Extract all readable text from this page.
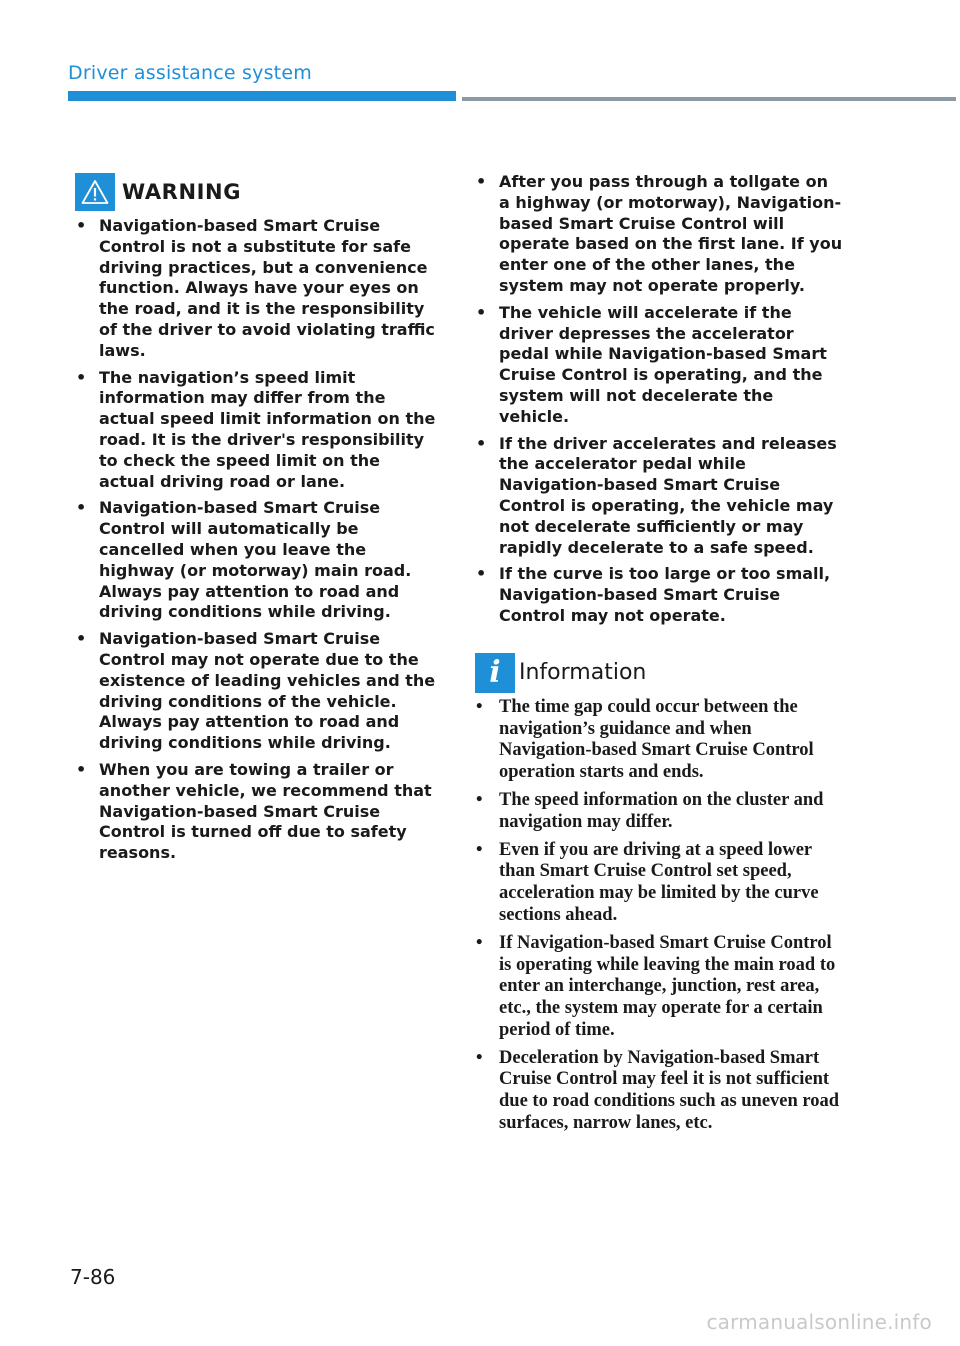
Driver assistance system
WARNING
• Navigation-based Smart Cruise Control is not a substitute for safe driving practices, but a convenience function. Always have your eyes on the road, and it is the responsibility of the driver to avoid violating traffic laws.
• The navigation’s speed limit information may differ from the actual speed limit information on the road. It is the driver's responsibility to check the speed limit on the actual driving road or lane.
• Navigation-based Smart Cruise Control will automatically be cancelled when you leave the highway (or motorway) main road. Always pay attention to road and driving conditions while driving.
• Navigation-based Smart Cruise Control may not operate due to the existence of leading vehicles and the driving conditions of the vehicle. Always pay attention to road and driving conditions while driving.
• When you are towing a trailer or another vehicle, we recommend that Navigation-based Smart Cruise Control is turned off due to safety reasons.
• After you pass through a tollgate on a highway (or motorway), Navigation-based Smart Cruise Control will operate based on the first lane. If you enter one of the other lanes, the system may not operate properly.
• The vehicle will accelerate if the driver depresses the accelerator pedal while Navigation-based Smart Cruise Control is operating, and the system will not decelerate the vehicle.
• If the driver accelerates and releases the accelerator pedal while Navigation-based Smart Cruise Control is operating, the vehicle may not decelerate sufficiently or may rapidly decelerate to a safe speed.
• If the curve is too large or too small, Navigation-based Smart Cruise Control may not operate.
i Information
• The time gap could occur between the navigation’s guidance and when Navigation-based Smart Cruise Control operation starts and ends.
• The speed information on the cluster and navigation may differ.
• Even if you are driving at a speed lower than Smart Cruise Control set speed, acceleration may be limited by the curve sections ahead.
• If Navigation-based Smart Cruise Control is operating while leaving the main road to enter an interchange, junction, rest area, etc., the system may operate for a certain period of time.
• Deceleration by Navigation-based Smart Cruise Control may feel it is not sufficient due to road conditions such as uneven road surfaces, narrow lanes, etc.
7-86
carmanualsonline.info
